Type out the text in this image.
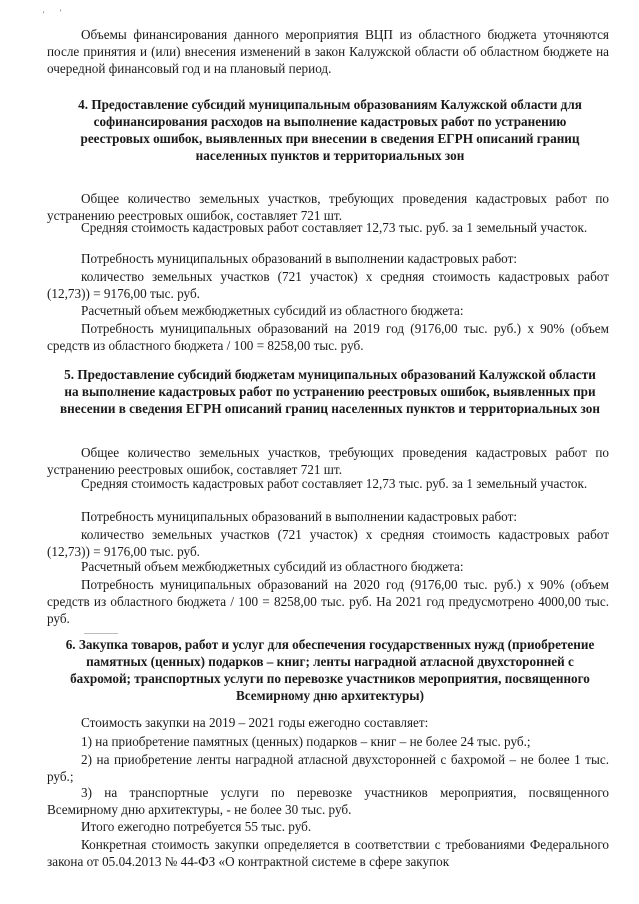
' '
Объемы финансирования данного мероприятия ВЦП из областного бюджета уточняются после принятия и (или) внесения изменений в закон Калужской области об областном бюджете на очередной финансовый год и на плановый период.
4. Предоставление субсидий муниципальным образованиям Калужской области для софинансирования расходов на выполнение кадастровых работ по устранению реестровых ошибок, выявленных при внесении в сведения ЕГРН описаний границ населенных пунктов и территориальных зон
Общее количество земельных участков, требующих проведения кадастровых работ по устранению реестровых ошибок, составляет 721 шт.
Средняя стоимость кадастровых работ составляет 12,73 тыс. руб. за 1 земельный участок.
Потребность муниципальных образований в выполнении кадастровых работ:
количество земельных участков (721 участок) х средняя стоимость кадастровых работ (12,73)) = 9176,00 тыс. руб.
Расчетный объем межбюджетных субсидий из областного бюджета:
Потребность муниципальных образований на 2019 год (9176,00 тыс. руб.) х 90% (объем средств из областного бюджета / 100 = 8258,00 тыс. руб.
5. Предоставление субсидий бюджетам муниципальных образований Калужской области на выполнение кадастровых работ по устранению реестровых ошибок, выявленных при внесении в сведения ЕГРН описаний границ населенных пунктов и территориальных зон
Общее количество земельных участков, требующих проведения кадастровых работ по устранению реестровых ошибок, составляет 721 шт.
Средняя стоимость кадастровых работ составляет 12,73 тыс. руб. за 1 земельный участок.
Потребность муниципальных образований в выполнении кадастровых работ:
количество земельных участков (721 участок) х средняя стоимость кадастровых работ (12,73)) = 9176,00 тыс. руб.
Расчетный объем межбюджетных субсидий из областного бюджета:
Потребность муниципальных образований на 2020 год (9176,00 тыс. руб.) х 90% (объем средств из областного бюджета / 100 = 8258,00 тыс. руб. На 2021 год предусмотрено 4000,00 тыс. руб.
6. Закупка товаров, работ и услуг для обеспечения государственных нужд (приобретение памятных (ценных) подарков – книг; ленты наградной атласной двухсторонней с бахромой; транспортных услуги по перевозке участников мероприятия, посвященного Всемирному дню архитектуры)
Стоимость закупки на 2019 – 2021 годы ежегодно составляет:
1) на приобретение памятных (ценных) подарков – книг – не более 24 тыс. руб.;
2) на приобретение ленты наградной атласной двухсторонней с бахромой – не более 1 тыс. руб.;
3) на транспортные услуги по перевозке участников мероприятия, посвященного Всемирному дню архитектуры, - не более 30 тыс. руб.
Итого ежегодно потребуется 55 тыс. руб.
Конкретная стоимость закупки определяется в соответствии с требованиями Федерального закона от 05.04.2013 № 44-ФЗ «О контрактной системе в сфере закупок
